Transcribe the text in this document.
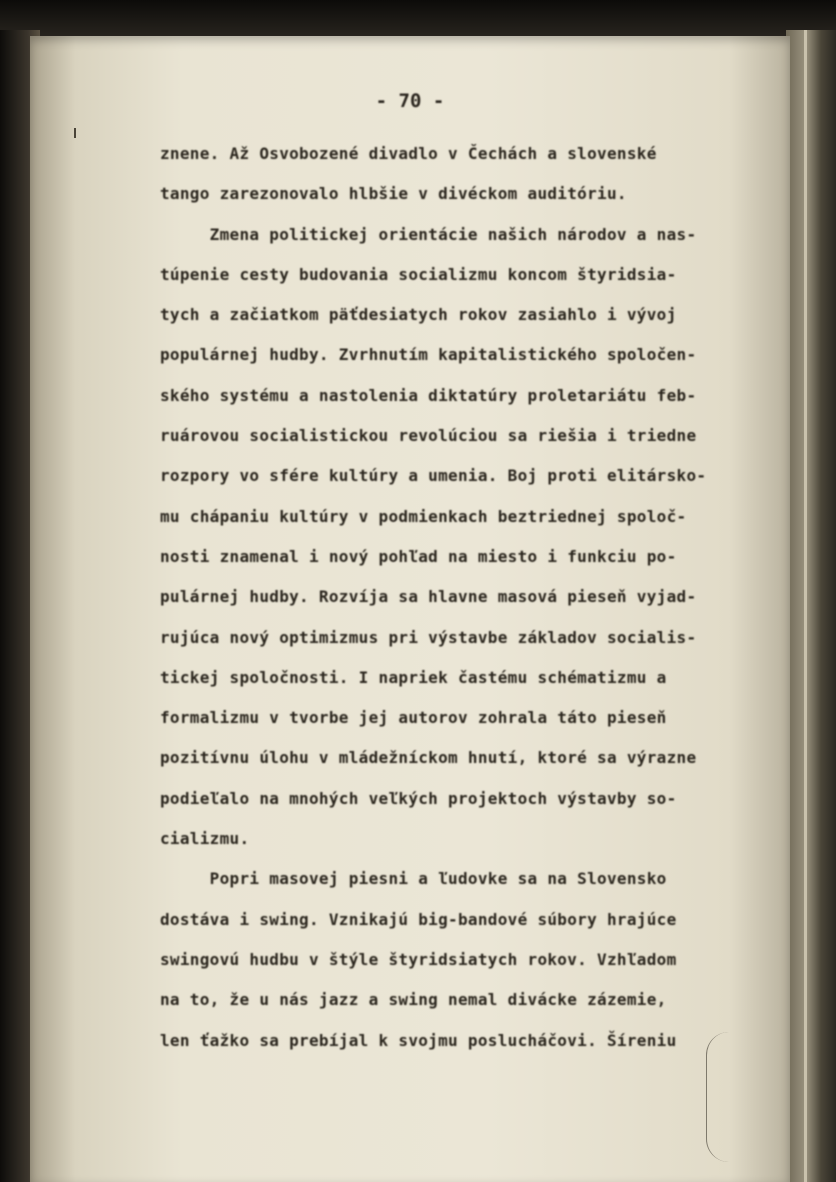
- 70 -
znene. Až Osvobozené divadlo v Čechách a slovenské
tango zarezonovalo hlbšie v divéckom auditóriu.
Zmena politickej orientácie našich národov a nas-
túpenie cesty budovania socializmu koncom štyridsia-
tych a začiatkom päťdesiatych rokov zasiahlo i vývoj
populárnej hudby. Zvrhnutím kapitalistického spoločen-
ského systému a nastolenia diktatúry proletariátu feb-
ruárovou socialistickou revolúciou sa riešia i triedne
rozpory vo sfére kultúry a umenia. Boj proti elitársko-
mu chápaniu kultúry v podmienkach beztriednej spoloč-
nosti znamenal i nový pohľad na miesto i funkciu po-
pulárnej hudby. Rozvíja sa hlavne masová pieseň vyjad-
rujúca nový optimizmus pri výstavbe základov socialis-
tickej spoločnosti. I napriek častému schématizmu a
formalizmu v tvorbe jej autorov zohrala táto pieseň
pozitívnu úlohu v mládežníckom hnutí, ktoré sa výrazne
podieľalo na mnohých veľkých projektoch výstavby so-
cializmu.
Popri masovej piesni a ľudovke sa na Slovensko
dostáva i swing. Vznikajú big-bandové súbory hrajúce
swingovú hudbu v štýle štyridsiatych rokov. Vzhľadom
na to, že u nás jazz a swing nemal divácke zázemie,
len ťažko sa prebíjal k svojmu poslucháčovi. Šíreniu
